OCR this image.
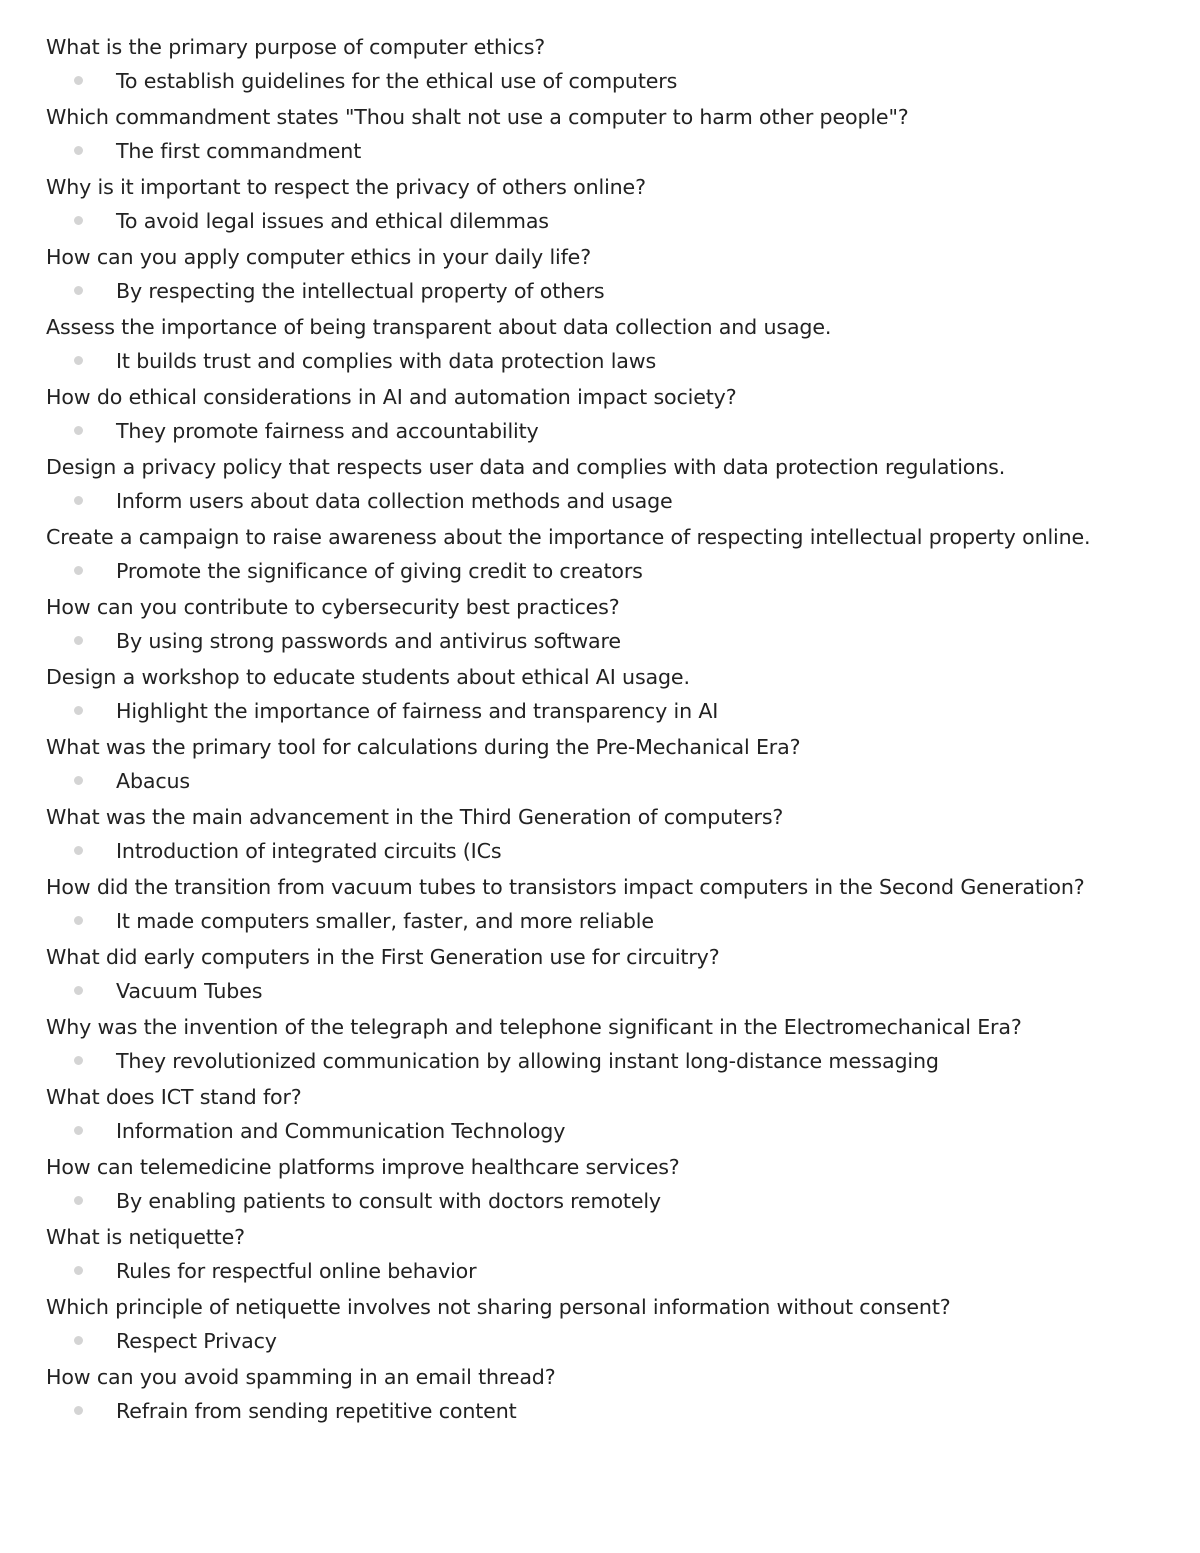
What is the primary purpose of computer ethics?

To establish guidelines for the ethical use of computers

Which commandment states "Thou shalt not use a computer to harm other people"?

The first commandment

Why is it important to respect the privacy of others online?

To avoid legal issues and ethical dilemmas

How can you apply computer ethics in your daily life?

By respecting the intellectual property of others

Assess the importance of being transparent about data collection and usage.

It builds trust and complies with data protection laws

How do ethical considerations in AI and automation impact society?

They promote fairness and accountability

Design a privacy policy that respects user data and complies with data protection regulations.

Inform users about data collection methods and usage

Create a campaign to raise awareness about the importance of respecting intellectual property online.

Promote the significance of giving credit to creators

How can you contribute to cybersecurity best practices?

By using strong passwords and antivirus software

Design a workshop to educate students about ethical AI usage.

Highlight the importance of fairness and transparency in AI

What was the primary tool for calculations during the Pre-Mechanical Era?

Abacus

What was the main advancement in the Third Generation of computers?

Introduction of integrated circuits (ICs

How did the transition from vacuum tubes to transistors impact computers in the Second Generation?

It made computers smaller, faster, and more reliable

What did early computers in the First Generation use for circuitry?

Vacuum Tubes

Why was the invention of the telegraph and telephone significant in the Electromechanical Era?

They revolutionized communication by allowing instant long-distance messaging

What does ICT stand for?

Information and Communication Technology

How can telemedicine platforms improve healthcare services?

By enabling patients to consult with doctors remotely

What is netiquette?

Rules for respectful online behavior

Which principle of netiquette involves not sharing personal information without consent?

Respect Privacy

How can you avoid spamming in an email thread?

Refrain from sending repetitive content
